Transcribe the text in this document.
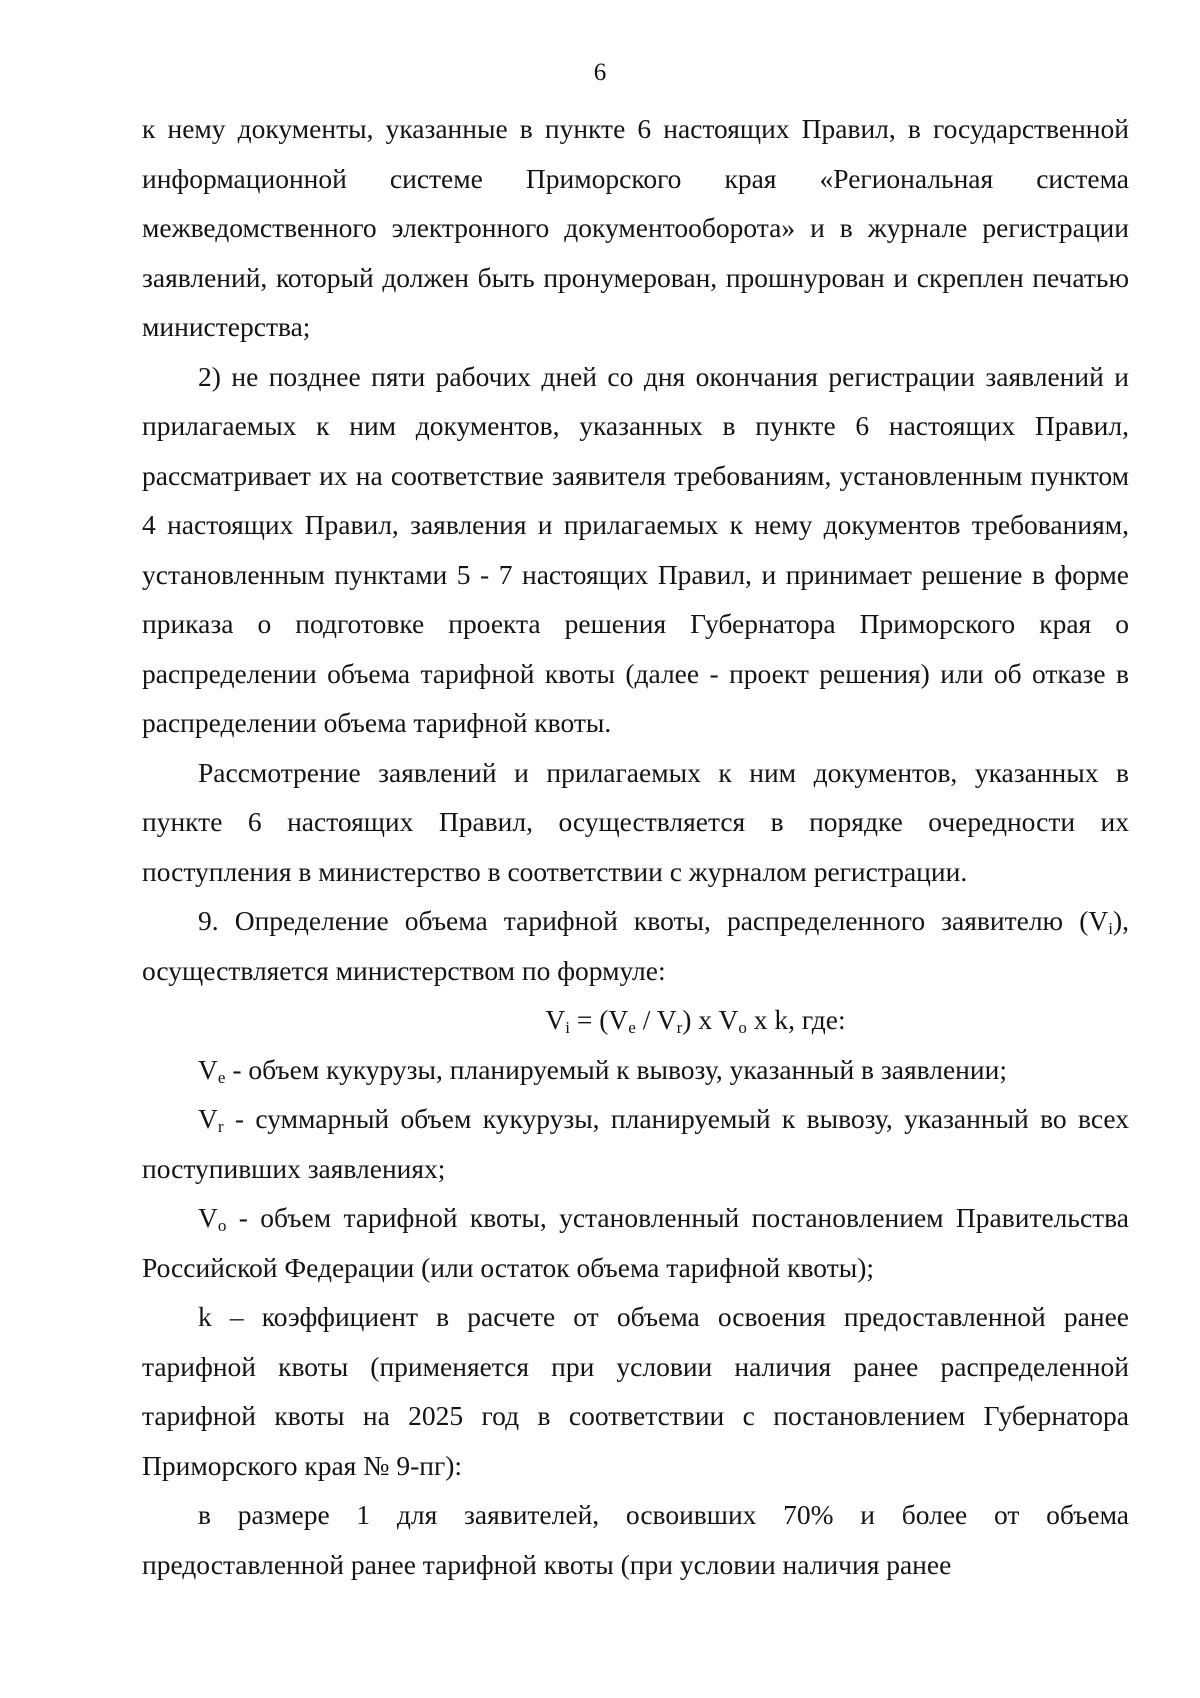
6

к нему документы, указанные в пункте 6 настоящих Правил, в государственной информационной системе Приморского края «Региональная система межведомственного электронного документооборота» и в журнале регистрации заявлений, который должен быть пронумерован, прошнурован и скреплен печатью министерства;

2) не позднее пяти рабочих дней со дня окончания регистрации заявлений и прилагаемых к ним документов, указанных в пункте 6 настоящих Правил, рассматривает их на соответствие заявителя требованиям, установленным пунктом 4 настоящих Правил, заявления и прилагаемых к нему документов требованиям, установленным пунктами 5 - 7 настоящих Правил, и принимает решение в форме приказа о подготовке проекта решения Губернатора Приморского края о распределении объема тарифной квоты (далее - проект решения) или об отказе в распределении объема тарифной квоты.

Рассмотрение заявлений и прилагаемых к ним документов, указанных в пункте 6 настоящих Правил, осуществляется в порядке очередности их поступления в министерство в соответствии с журналом регистрации.

9. Определение объема тарифной квоты, распределенного заявителю $(V_i)$, осуществляется министерством по формуле:

$V_i = (V_e / V_r)$ x $V_o$ x k, где:

$V_e$ - объем кукурузы, планируемый к вывозу, указанный в заявлении;

$V_r$ - суммарный объем кукурузы, планируемый к вывозу, указанный во всех поступивших заявлениях;

$V_o$ - объем тарифной квоты, установленный постановлением Правительства Российской Федерации (или остаток объема тарифной квоты);

k – коэффициент в расчете от объема освоения предоставленной ранее тарифной квоты (применяется при условии наличия ранее распределенной тарифной квоты на 2025 год в соответствии с постановлением Губернатора Приморского края № 9-пг):

в размере 1 для заявителей, освоивших 70% и более от объема предоставленной ранее тарифной квоты (при условии наличия ранее
